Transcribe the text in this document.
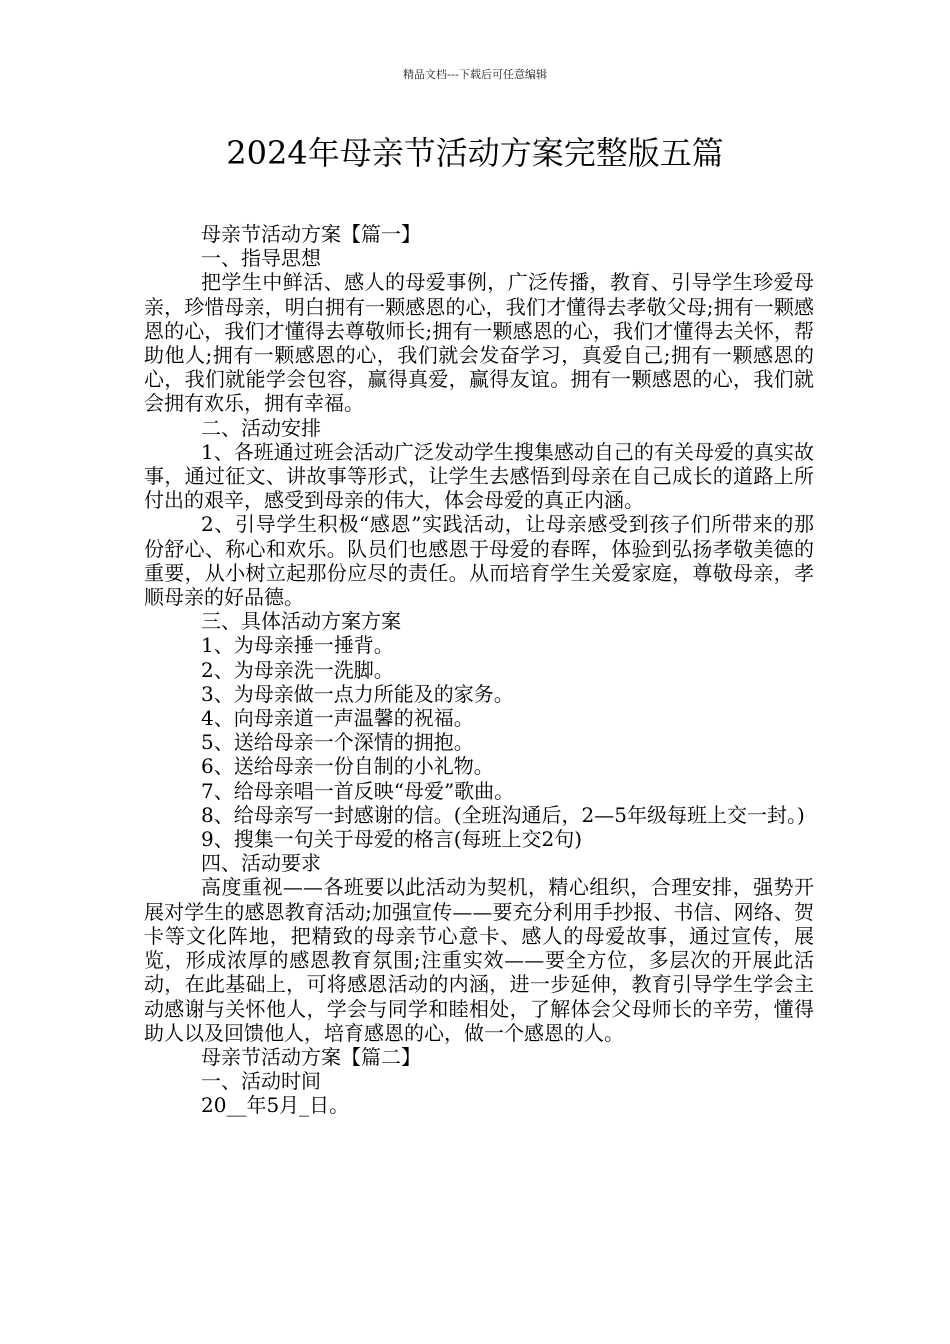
精品文档---下载后可任意编辑
2024年母亲节活动方案完整版五篇

母亲节活动方案【篇一】

一、指导思想

把学生中鲜活、感人的母爱事例，广泛传播，教育、引导学生珍爱母亲，珍惜母亲，明白拥有一颗感恩的心，我们才懂得去孝敬父母;拥有一颗感恩的心，我们才懂得去尊敬师长;拥有一颗感恩的心，我们才懂得去关怀，帮助他人;拥有一颗感恩的心，我们就会发奋学习，真爱自己;拥有一颗感恩的心，我们就能学会包容，赢得真爱，赢得友谊。拥有一颗感恩的心，我们就会拥有欢乐，拥有幸福。

二、活动安排

1、各班通过班会活动广泛发动学生搜集感动自己的有关母爱的真实故事，通过征文、讲故事等形式，让学生去感悟到母亲在自己成长的道路上所付出的艰辛，感受到母亲的伟大，体会母爱的真正内涵。

2、引导学生积极“感恩”实践活动，让母亲感受到孩子们所带来的那份舒心、称心和欢乐。队员们也感恩于母爱的春晖，体验到弘扬孝敬美德的重要，从小树立起那份应尽的责任。从而培育学生关爱家庭，尊敬母亲，孝顺母亲的好品德。

三、具体活动方案方案

1、为母亲捶一捶背。

2、为母亲洗一洗脚。

3、为母亲做一点力所能及的家务。

4、向母亲道一声温馨的祝福。

5、送给母亲一个深情的拥抱。

6、送给母亲一份自制的小礼物。

7、给母亲唱一首反映“母爱”歌曲。

8、给母亲写一封感谢的信。(全班沟通后，2—5年级每班上交一封。)

9、搜集一句关于母爱的格言(每班上交2句)

四、活动要求

高度重视——各班要以此活动为契机，精心组织，合理安排，强势开展对学生的感恩教育活动;加强宣传——要充分利用手抄报、书信、网络、贺卡等文化阵地，把精致的母亲节心意卡、感人的母爱故事，通过宣传，展览，形成浓厚的感恩教育氛围;注重实效——要全方位，多层次的开展此活动，在此基础上，可将感恩活动的内涵，进一步延伸，教育引导学生学会主动感谢与关怀他人，学会与同学和睦相处，了解体会父母师长的辛劳，懂得助人以及回馈他人，培育感恩的心，做一个感恩的人。

母亲节活动方案【篇二】

一、活动时间

20__年5月_日。
